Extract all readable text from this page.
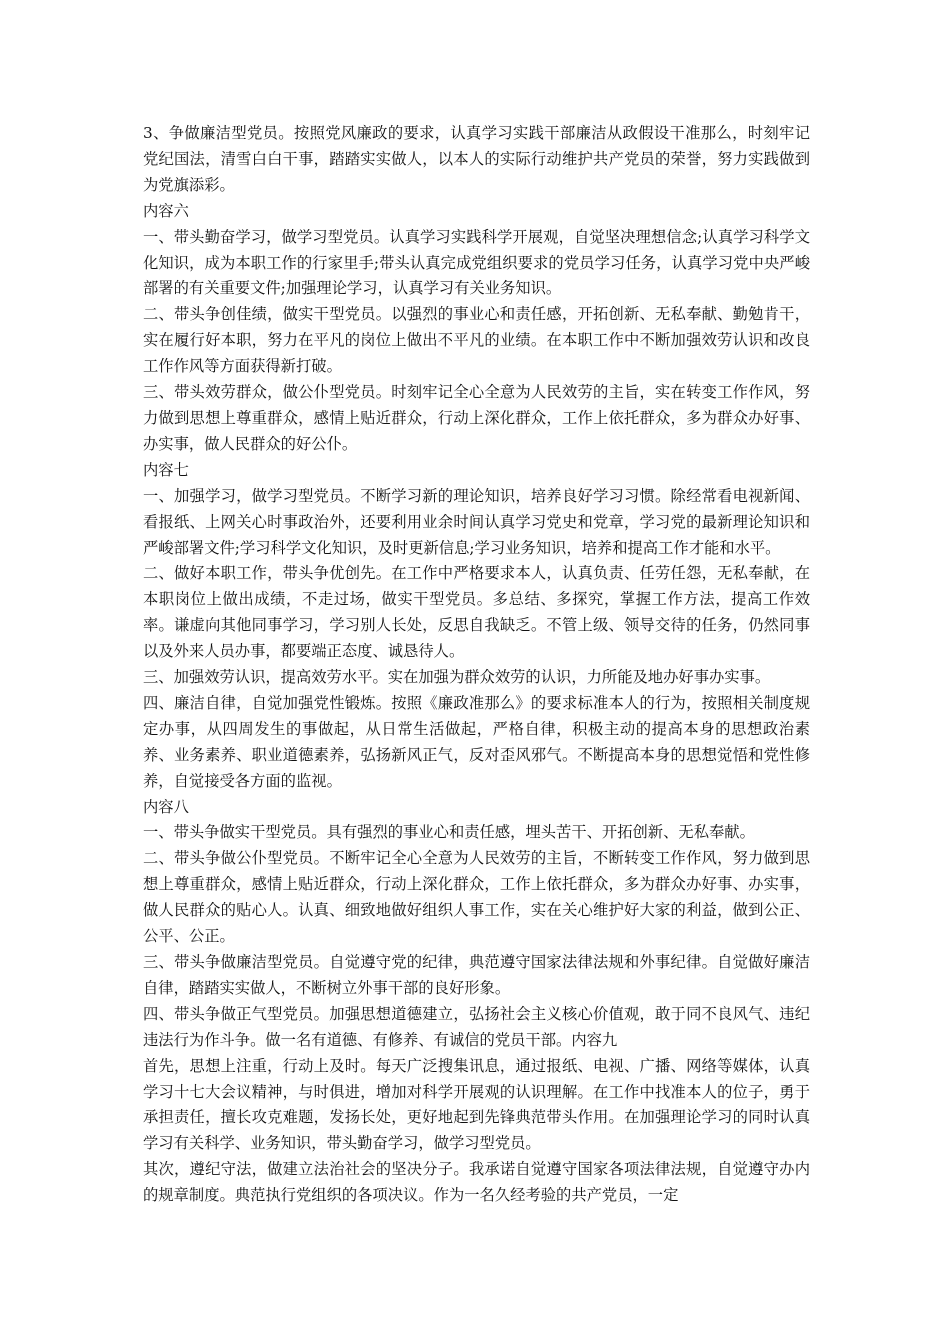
3、争做廉洁型党员。按照党风廉政的要求，认真学习实践干部廉洁从政假设干准那么，时刻牢记党纪国法，清雪白白干事，踏踏实实做人，以本人的实际行动维护共产党员的荣誉，努力实践做到为党旗添彩。

内容六

一、带头勤奋学习，做学习型党员。认真学习实践科学开展观，自觉坚决理想信念;认真学习科学文化知识，成为本职工作的行家里手;带头认真完成党组织要求的党员学习任务，认真学习党中央严峻部署的有关重要文件;加强理论学习，认真学习有关业务知识。

二、带头争创佳绩，做实干型党员。以强烈的事业心和责任感，开拓创新、无私奉献、勤勉肯干，实在履行好本职，努力在平凡的岗位上做出不平凡的业绩。在本职工作中不断加强效劳认识和改良工作作风等方面获得新打破。

三、带头效劳群众，做公仆型党员。时刻牢记全心全意为人民效劳的主旨，实在转变工作作风，努力做到思想上尊重群众，感情上贴近群众，行动上深化群众，工作上依托群众，多为群众办好事、办实事，做人民群众的好公仆。

内容七

一、加强学习，做学习型党员。不断学习新的理论知识，培养良好学习习惯。除经常看电视新闻、看报纸、上网关心时事政治外，还要利用业余时间认真学习党史和党章，学习党的最新理论知识和严峻部署文件;学习科学文化知识，及时更新信息;学习业务知识，培养和提高工作才能和水平。

二、做好本职工作，带头争优创先。在工作中严格要求本人，认真负责、任劳任怨，无私奉献，在本职岗位上做出成绩，不走过场，做实干型党员。多总结、多探究，掌握工作方法，提高工作效率。谦虚向其他同事学习，学习别人长处，反思自我缺乏。不管上级、领导交待的任务，仍然同事以及外来人员办事，都要端正态度、诚恳待人。

三、加强效劳认识，提高效劳水平。实在加强为群众效劳的认识，力所能及地办好事办实事。

四、廉洁自律，自觉加强党性锻炼。按照《廉政准那么》的要求标准本人的行为，按照相关制度规定办事，从四周发生的事做起，从日常生活做起，严格自律，积极主动的提高本身的思想政治素养、业务素养、职业道德素养，弘扬新风正气，反对歪风邪气。不断提高本身的思想觉悟和党性修养，自觉接受各方面的监视。

内容八

一、带头争做实干型党员。具有强烈的事业心和责任感，埋头苦干、开拓创新、无私奉献。

二、带头争做公仆型党员。不断牢记全心全意为人民效劳的主旨，不断转变工作作风，努力做到思想上尊重群众，感情上贴近群众，行动上深化群众，工作上依托群众，多为群众办好事、办实事，做人民群众的贴心人。认真、细致地做好组织人事工作，实在关心维护好大家的利益，做到公正、公平、公正。

三、带头争做廉洁型党员。自觉遵守党的纪律，典范遵守国家法律法规和外事纪律。自觉做好廉洁自律，踏踏实实做人，不断树立外事干部的良好形象。

四、带头争做正气型党员。加强思想道德建立，弘扬社会主义核心价值观，敢于同不良风气、违纪违法行为作斗争。做一名有道德、有修养、有诚信的党员干部。内容九

首先，思想上注重，行动上及时。每天广泛搜集讯息，通过报纸、电视、广播、网络等媒体，认真学习十七大会议精神，与时俱进，增加对科学开展观的认识理解。在工作中找准本人的位子，勇于承担责任，擅长攻克难题，发扬长处，更好地起到先锋典范带头作用。在加强理论学习的同时认真学习有关科学、业务知识，带头勤奋学习，做学习型党员。

其次，遵纪守法，做建立法治社会的坚决分子。我承诺自觉遵守国家各项法律法规，自觉遵守办内的规章制度。典范执行党组织的各项决议。作为一名久经考验的共产党员，一定
